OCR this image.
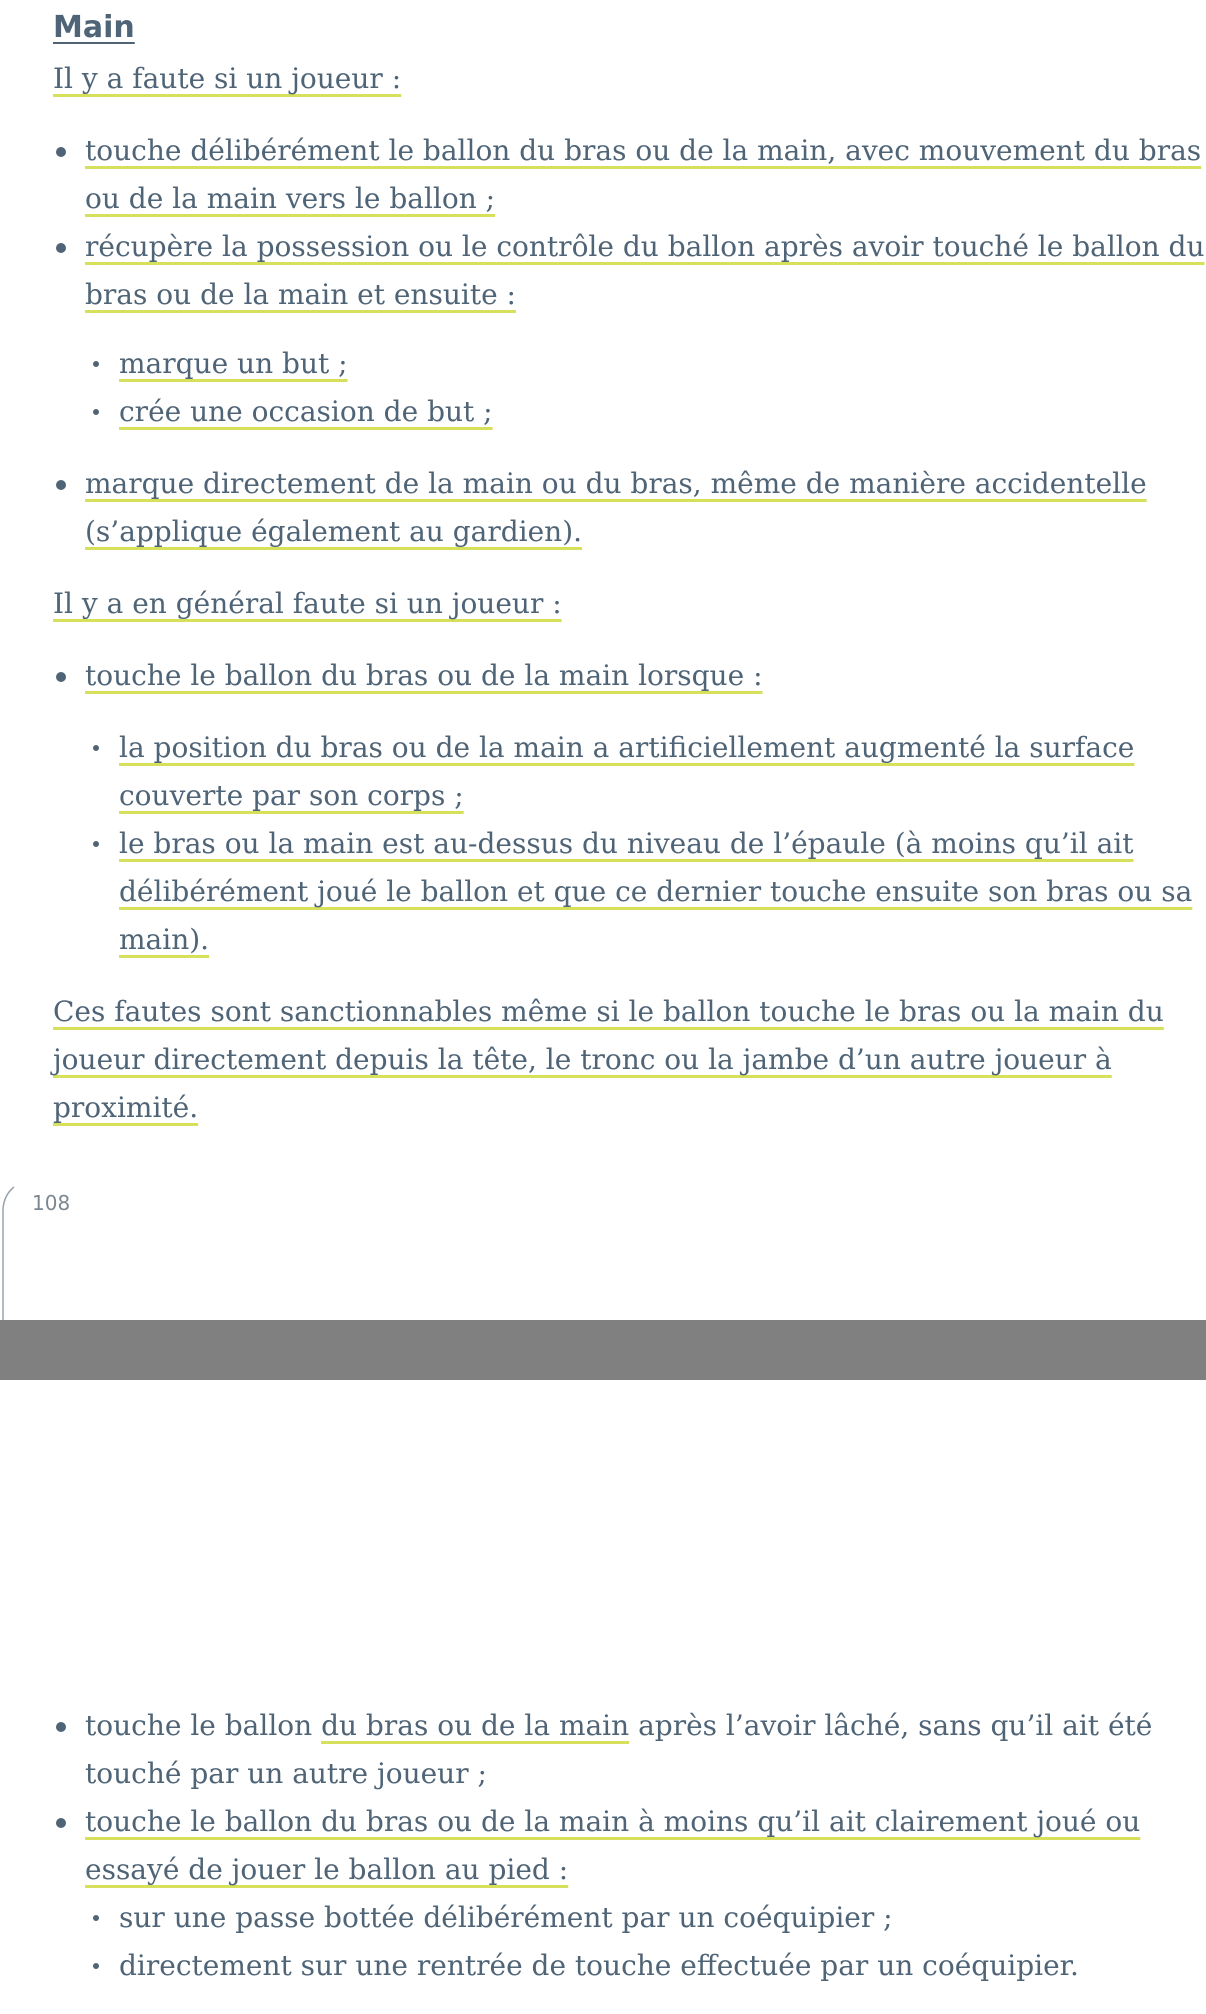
Main

Il y a faute si un joueur :

touche délibérément le ballon du bras ou de la main, avec mouvement du bras ou de la main vers le ballon ;
récupère la possession ou le contrôle du ballon après avoir touché le ballon du bras ou de la main et ensuite :
marque un but ;
crée une occasion de but ;
marque directement de la main ou du bras, même de manière accidentelle (s’applique également au gardien).

Il y a en général faute si un joueur :

touche le ballon du bras ou de la main lorsque :
la position du bras ou de la main a artificiellement augmenté la surface couverte par son corps ;
le bras ou la main est au-dessus du niveau de l’épaule (à moins qu’il ait délibérément joué le ballon et que ce dernier touche ensuite son bras ou sa main).

Ces fautes sont sanctionnables même si le ballon touche le bras ou la main du joueur directement depuis la tête, le tronc ou la jambe d’un autre joueur à proximité.

108
touche le ballon du bras ou de la main après l’avoir lâché, sans qu’il ait été touché par un autre joueur ;
touche le ballon du bras ou de la main à moins qu’il ait clairement joué ou essayé de jouer le ballon au pied :
sur une passe bottée délibérément par un coéquipier ;
directement sur une rentrée de touche effectuée par un coéquipier.
